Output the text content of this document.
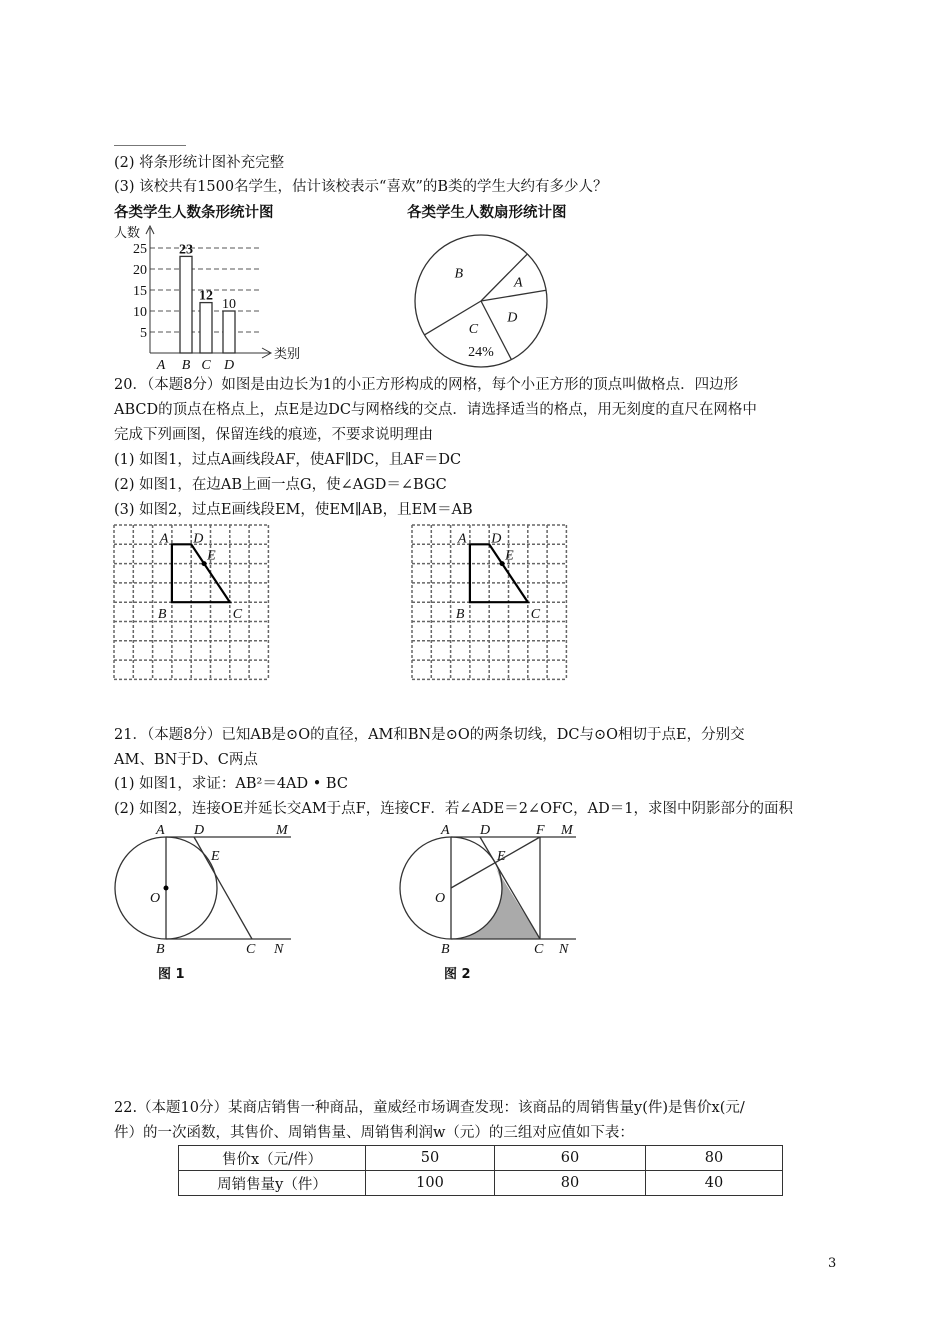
(2) 将条形统计图补充完整
(3) 该校共有1500名学生，估计该校表示“喜欢”的B类的学生大约有多少人？
各类学生人数条形统计图	各类学生人数扇形统计图
5
10
15
20
25
人数
类别
A
23
B
12
C
10
D
C
D
A
B
24%
20．（本题8分）如图是由边长为1的小正方形构成的网格，每个小正方形的顶点叫做格点．四边形
ABCD的顶点在格点上，点E是边DC与网格线的交点．请选择适当的格点，用无刻度的直尺在网格中
完成下列画图，保留连线的痕迹，不要求说明理由
(1) 如图1，过点A画线段AF，使AF∥DC，且AF＝DC
(2) 如图1，在边AB上画一点G，使∠AGD＝∠BGC
(3) 如图2，过点E画线段EM，使EM∥AB，且EM＝AB
A D
E
B	C
A D
E
B	C
21．（本题8分）已知AB是⊙O的直径，AM和BN是⊙O的两条切线，DC与⊙O相切于点E，分别交
AM、BN于D、C两点
(1) 如图1，求证：AB²＝4AD • BC
(2) 如图2，连接OE并延长交AM于点F，连接CF．若∠ADE＝2∠OFC，AD＝1，求图中阴影部分的面积
A D
B	C
M
N
O
E
A D
B	C
M
N
O
E
F
图 1	图 2
22.（本题10分）某商店销售一种商品，童威经市场调查发现：该商品的周销售量y(件)是售价x(元/
件）的一次函数，其售价、周销售量、周销售利润w（元）的三组对应值如下表：
售价x（元/件）	50	60	80
周销售量y（件）	100	80	40
3
